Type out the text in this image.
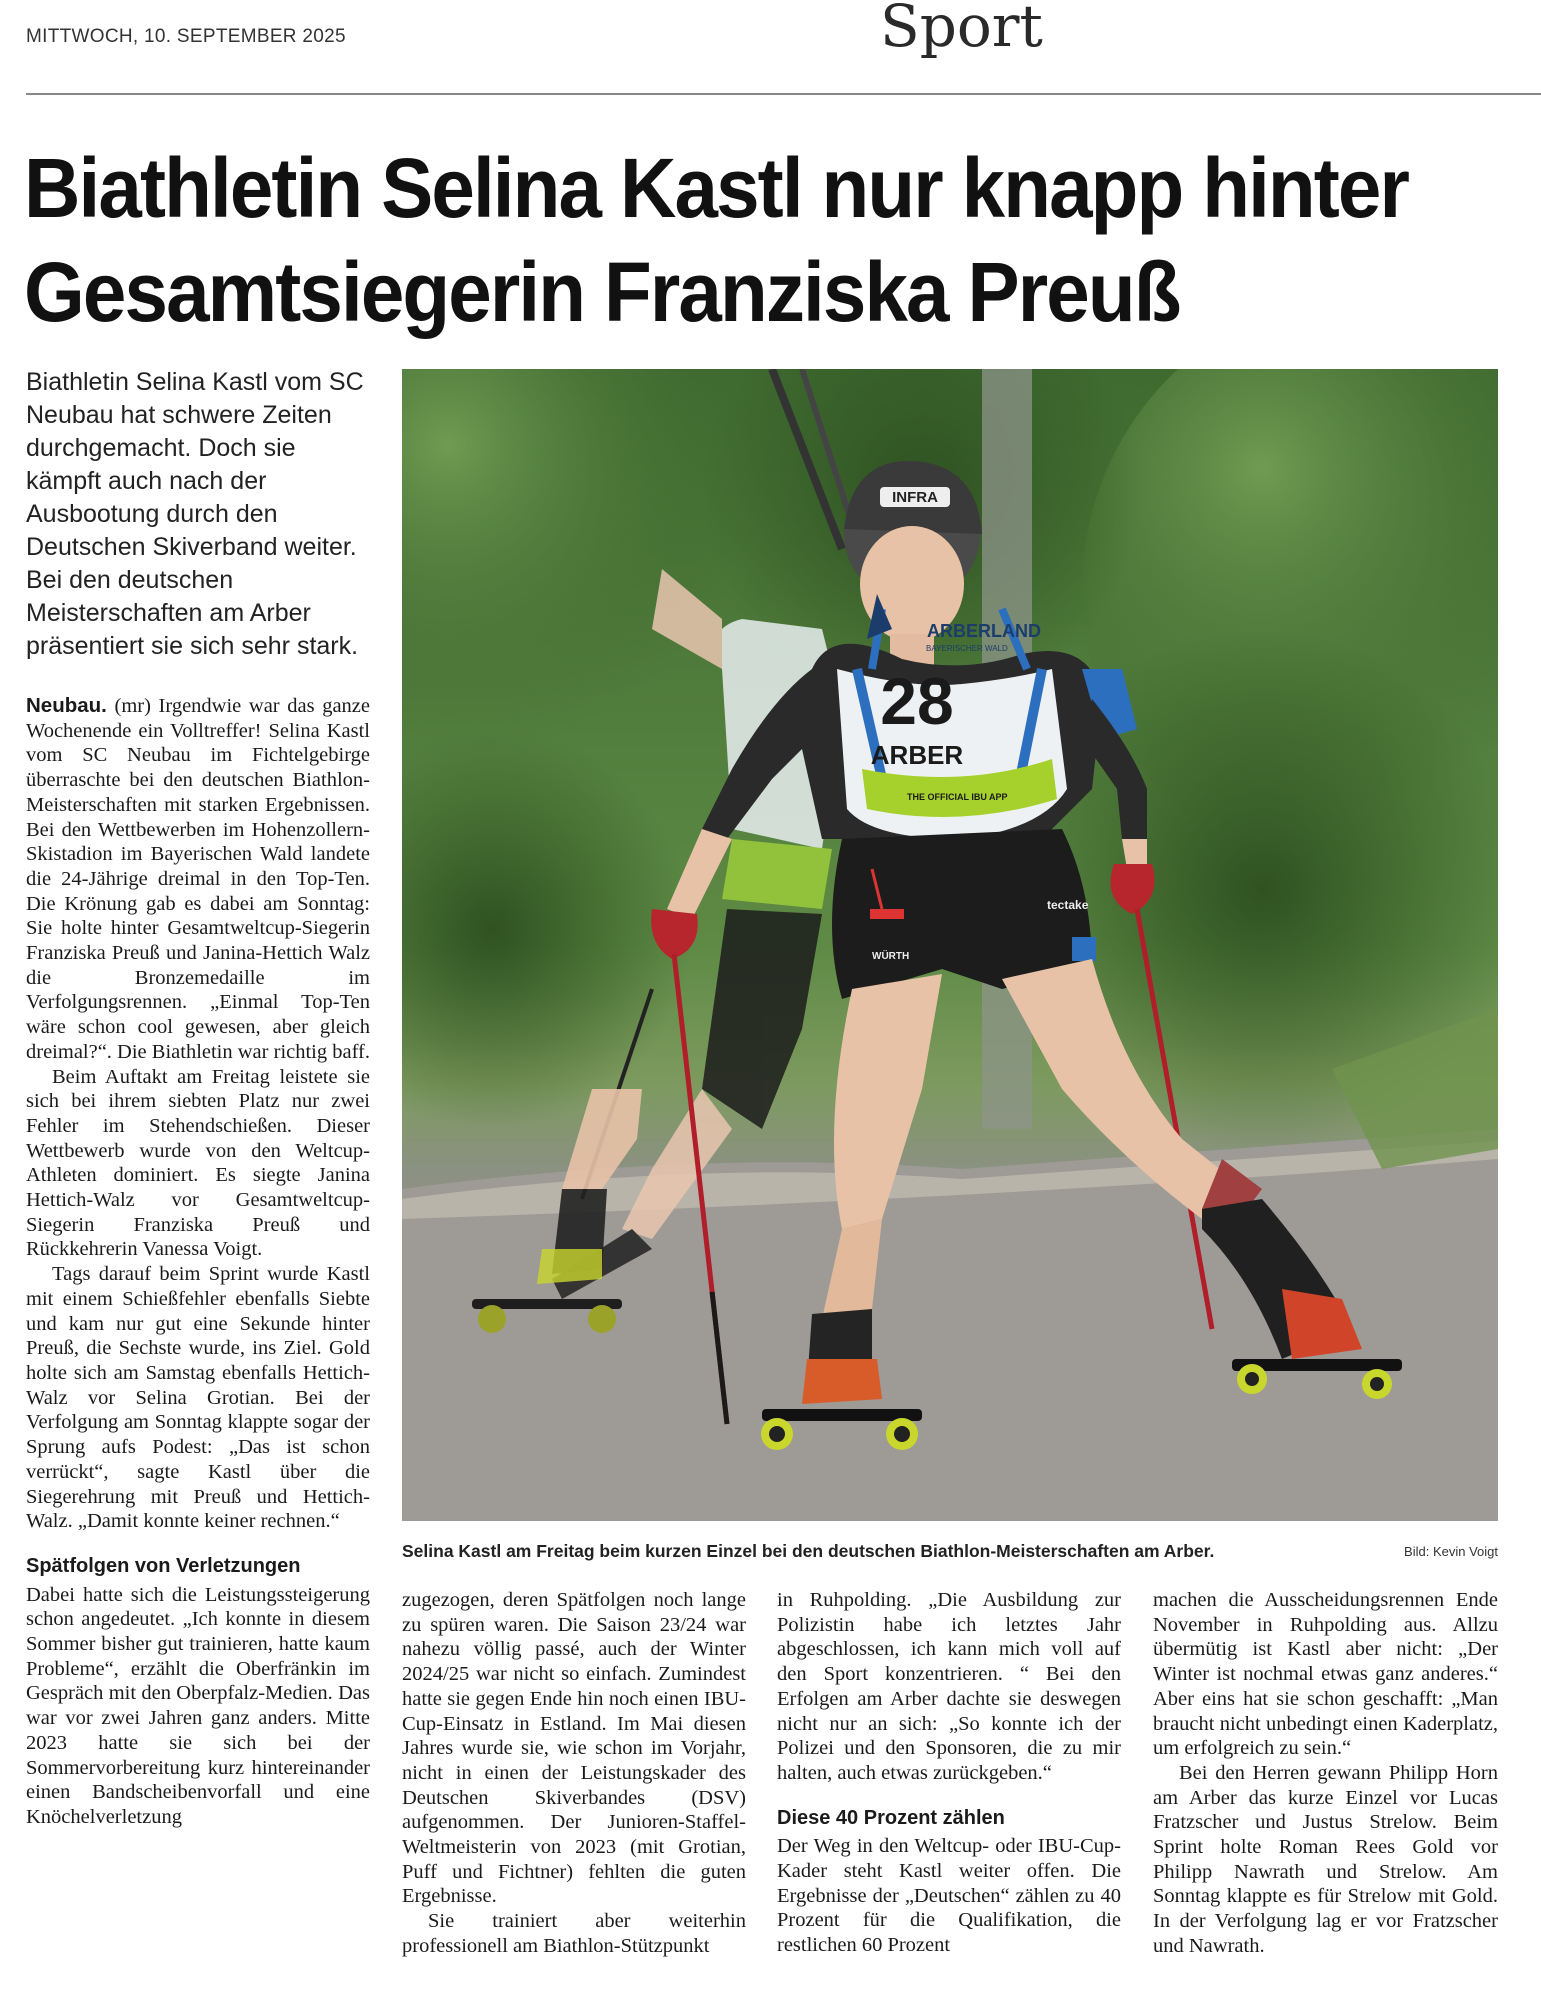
MITTWOCH, 10. SEPTEMBER 2025	Sport
Biathletin Selina Kastl nur knapp hinter Gesamtsiegerin Franziska Preuß
Biathletin Selina Kastl vom SC Neubau hat schwere Zeiten durchgemacht. Doch sie kämpft auch nach der Ausbootung durch den Deutschen Skiverband weiter. Bei den deutschen Meisterschaften am Arber präsentiert sie sich sehr stark.

Neubau. (mr) Irgendwie war das ganze Wochenende ein Volltreffer! Selina Kastl vom SC Neubau im Fichtelgebirge überraschte bei den deutschen Biathlon-Meisterschaften mit starken Ergebnissen. Bei den Wettbewerben im Hohenzollern-Skistadion im Bayerischen Wald landete die 24-Jährige dreimal in den Top-Ten. Die Krönung gab es dabei am Sonntag: Sie holte hinter Gesamtweltcup-Siegerin Franziska Preuß und Janina-Hettich Walz die Bronzemedaille im Verfolgungsrennen. „Einmal Top-Ten wäre schon cool gewesen, aber gleich dreimal?“. Die Biathletin war richtig baff.

Beim Auftakt am Freitag leistete sie sich bei ihrem siebten Platz nur zwei Fehler im Stehendschießen. Dieser Wettbewerb wurde von den Weltcup-Athleten dominiert. Es siegte Janina Hettich-Walz vor Gesamtweltcup-Siegerin Franziska Preuß und Rückkehrerin Vanessa Voigt.

Tags darauf beim Sprint wurde Kastl mit einem Schießfehler ebenfalls Siebte und kam nur gut eine Sekunde hinter Preuß, die Sechste wurde, ins Ziel. Gold holte sich am Samstag ebenfalls Hettich-Walz vor Selina Grotian. Bei der Verfolgung am Sonntag klappte sogar der Sprung aufs Podest: „Das ist schon verrückt“, sagte Kastl über die Siegerehrung mit Preuß und Hettich-Walz. „Damit konnte keiner rechnen.“

Spätfolgen von Verletzungen

Dabei hatte sich die Leistungssteigerung schon angedeutet. „Ich konnte in diesem Sommer bisher gut trainieren, hatte kaum Probleme“, erzählt die Oberfränkin im Gespräch mit den Oberpfalz-Medien. Das war vor zwei Jahren ganz anders. Mitte 2023 hatte sie sich bei der Sommervorbereitung kurz hintereinander einen Bandscheibenvorfall und eine Knöchelverletzung

zugezogen, deren Spätfolgen noch lange zu spüren waren. Die Saison 23/24 war nahezu völlig passé, auch der Winter 2024/25 war nicht so einfach. Zumindest hatte sie gegen Ende hin noch einen IBU-Cup-Einsatz in Estland. Im Mai diesen Jahres wurde sie, wie schon im Vorjahr, nicht in einen der Leistungskader des Deutschen Skiverbandes (DSV) aufgenommen. Der Junioren-Staffel-Weltmeisterin von 2023 (mit Grotian, Puff und Fichtner) fehlten die guten Ergebnisse.

Sie trainiert aber weiterhin professionell am Biathlon-Stützpunkt

in Ruhpolding. „Die Ausbildung zur Polizistin habe ich letztes Jahr abgeschlossen, ich kann mich voll auf den Sport konzentrieren. “ Bei den Erfolgen am Arber dachte sie deswegen nicht nur an sich: „So konnte ich der Polizei und den Sponsoren, die zu mir halten, auch etwas zurückgeben.“

Diese 40 Prozent zählen

Der Weg in den Weltcup- oder IBU-Cup-Kader steht Kastl weiter offen. Die Ergebnisse der „Deutschen“ zählen zu 40 Prozent für die Qualifikation, die restlichen 60 Prozent

machen die Ausscheidungsrennen Ende November in Ruhpolding aus. Allzu übermütig ist Kastl aber nicht: „Der Winter ist nochmal etwas ganz anderes.“ Aber eins hat sie schon geschafft: „Man braucht nicht unbedingt einen Kaderplatz, um erfolgreich zu sein.“

Bei den Herren gewann Philipp Horn am Arber das kurze Einzel vor Lucas Fratzscher und Justus Strelow. Beim Sprint holte Roman Rees Gold vor Philipp Nawrath und Strelow. Am Sonntag klappte es für Strelow mit Gold. In der Verfolgung lag er vor Fratzscher und Nawrath.

INFRA
ARBERLAND
BAYERISCHER WALD
28
ARBER
THE OFFICIAL IBU APP
WÜRTH
tectake
Selina Kastl am Freitag beim kurzen Einzel bei den deutschen Biathlon-Meisterschaften am Arber.	Bild: Kevin Voigt
